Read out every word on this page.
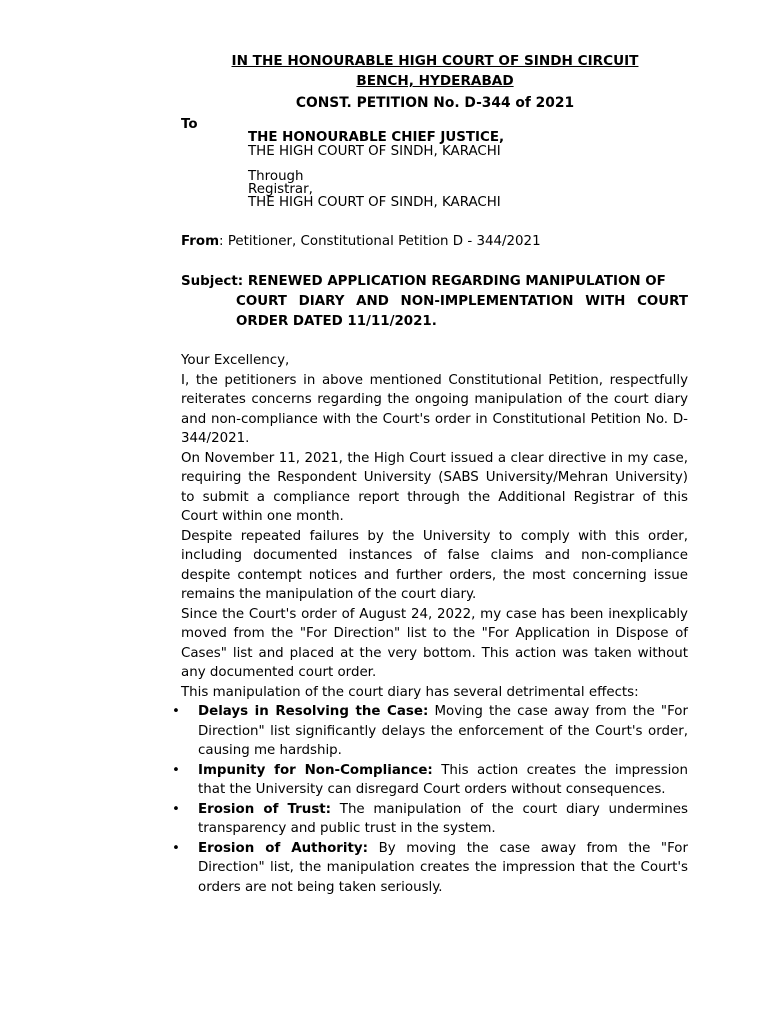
IN THE HONOURABLE HIGH COURT OF SINDH CIRCUIT
BENCH, HYDERABAD
CONST. PETITION No. D-344 of 2021
To
THE HONOURABLE CHIEF JUSTICE,
THE HIGH COURT OF SINDH, KARACHI
Through
Registrar,
THE HIGH COURT OF SINDH, KARACHI
From: Petitioner, Constitutional Petition D - 344/2021
Subject: RENEWED APPLICATION REGARDING MANIPULATION OF
COURT DIARY AND NON-IMPLEMENTATION WITH COURT
ORDER DATED 11/11/2021.

Your Excellency,

I, the petitioners in above mentioned Constitutional Petition, respectfully reiterates concerns regarding the ongoing manipulation of the court diary and non-compliance with the Court's order in Constitutional Petition No. D-344/2021.

On November 11, 2021, the High Court issued a clear directive in my case, requiring the Respondent University (SABS University/Mehran University) to submit a compliance report through the Additional Registrar of this Court within one month.

Despite repeated failures by the University to comply with this order, including documented instances of false claims and non-compliance despite contempt notices and further orders, the most concerning issue remains the manipulation of the court diary.

Since the Court's order of August 24, 2022, my case has been inexplicably moved from the "For Direction" list to the "For Application in Dispose of Cases" list and placed at the very bottom. This action was taken without any documented court order.

This manipulation of the court diary has several detrimental effects:

• Delays in Resolving the Case: Moving the case away from the "For Direction" list significantly delays the enforcement of the Court's order, causing me hardship.
• Impunity for Non-Compliance: This action creates the impression that the University can disregard Court orders without consequences.
• Erosion of Trust: The manipulation of the court diary undermines transparency and public trust in the system.
• Erosion of Authority: By moving the case away from the "For Direction" list, the manipulation creates the impression that the Court's orders are not being taken seriously.
